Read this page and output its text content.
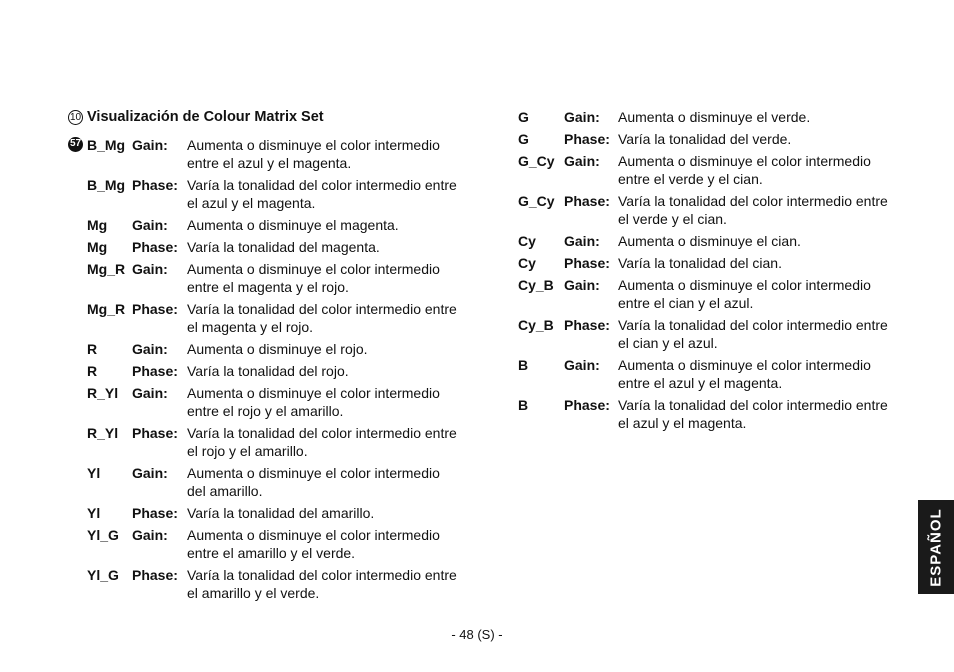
10 Visualización de Colour Matrix Set
57 B_Mg Gain:	Aumenta o disminuye el color intermedio entre el azul y el magenta.
B_Mg Phase: Varía la tonalidad del color intermedio entre el azul y el magenta.
Mg	Gain:	Aumenta o disminuye el magenta.
Mg	Phase: Varía la tonalidad del magenta.
Mg_R Gain:	Aumenta o disminuye el color intermedio entre el magenta y el rojo.
Mg_R Phase: Varía la tonalidad del color intermedio entre el magenta y el rojo.
R	Gain:	Aumenta o disminuye el rojo.
R	Phase: Varía la tonalidad del rojo.
R_Yl Gain:	Aumenta o disminuye el color intermedio entre el rojo y el amarillo.
R_Yl Phase: Varía la tonalidad del color intermedio entre el rojo y el amarillo.
Yl	Gain:	Aumenta o disminuye el color intermedio del amarillo.
Yl	Phase: Varía la tonalidad del amarillo.
Yl_G Gain:	Aumenta o disminuye el color intermedio entre el amarillo y el verde.
Yl_G Phase: Varía la tonalidad del color intermedio entre el amarillo y el verde.
G	Gain:	Aumenta o disminuye el verde.
G	Phase: Varía la tonalidad del verde.
G_Cy Gain:	Aumenta o disminuye el color intermedio entre el verde y el cian.
G_Cy Phase: Varía la tonalidad del color intermedio entre el verde y el cian.
Cy	Gain:	Aumenta o disminuye el cian.
Cy	Phase: Varía la tonalidad del cian.
Cy_B Gain:	Aumenta o disminuye el color intermedio entre el cian y el azul.
Cy_B Phase: Varía la tonalidad del color intermedio entre el cian y el azul.
B	Gain:	Aumenta o disminuye el color intermedio entre el azul y el magenta.
B	Phase: Varía la tonalidad del color intermedio entre el azul y el magenta.
- 48 (S) -
ESPAÑOL
